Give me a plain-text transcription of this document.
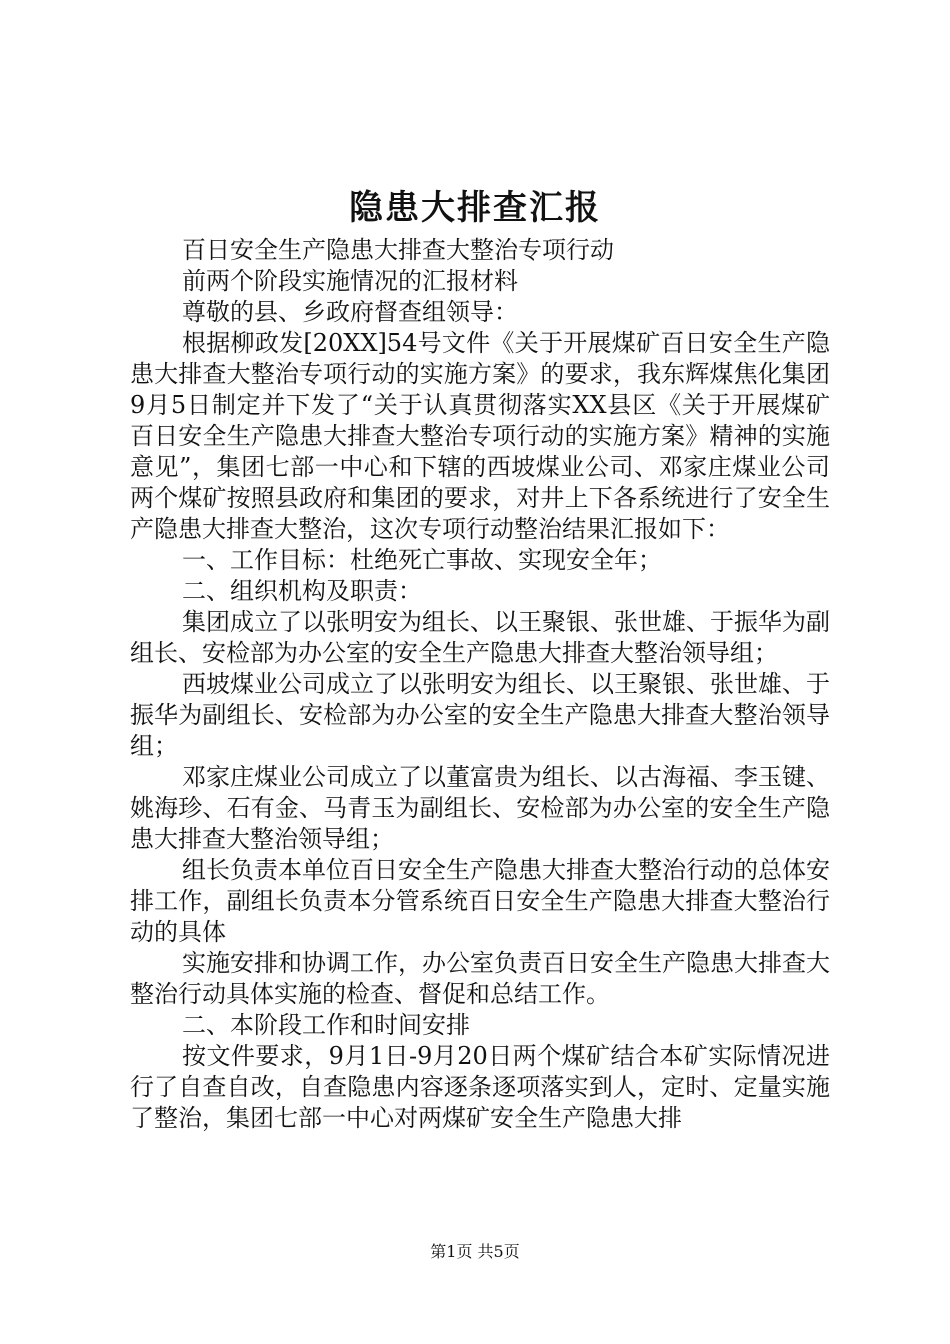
隐患大排查汇报

百日安全生产隐患大排查大整治专项行动

前两个阶段实施情况的汇报材料

尊敬的县、乡政府督查组领导：

根据柳政发[20XX]54号文件《关于开展煤矿百日安全生产隐患大排查大整治专项行动的实施方案》的要求，我东辉煤焦化集团9月5日制定并下发了“关于认真贯彻落实XX县区《关于开展煤矿百日安全生产隐患大排查大整治专项行动的实施方案》精神的实施意见”，集团七部一中心和下辖的西坡煤业公司、邓家庄煤业公司两个煤矿按照县政府和集团的要求，对井上下各系统进行了安全生产隐患大排查大整治，这次专项行动整治结果汇报如下：

一、工作目标：杜绝死亡事故、实现安全年；

二、组织机构及职责：

集团成立了以张明安为组长、以王聚银、张世雄、于振华为副组长、安检部为办公室的安全生产隐患大排查大整治领导组；

西坡煤业公司成立了以张明安为组长、以王聚银、张世雄、于振华为副组长、安检部为办公室的安全生产隐患大排查大整治领导组；

邓家庄煤业公司成立了以董富贵为组长、以古海福、李玉键、姚海珍、石有金、马青玉为副组长、安检部为办公室的安全生产隐患大排查大整治领导组；

组长负责本单位百日安全生产隐患大排查大整治行动的总体安排工作，副组长负责本分管系统百日安全生产隐患大排查大整治行动的具体

实施安排和协调工作，办公室负责百日安全生产隐患大排查大整治行动具体实施的检查、督促和总结工作。

二、本阶段工作和时间安排

按文件要求，9月1日-9月20日两个煤矿结合本矿实际情况进行了自查自改，自查隐患内容逐条逐项落实到人，定时、定量实施了整治，集团七部一中心对两煤矿安全生产隐患大排

第1页 共5页
